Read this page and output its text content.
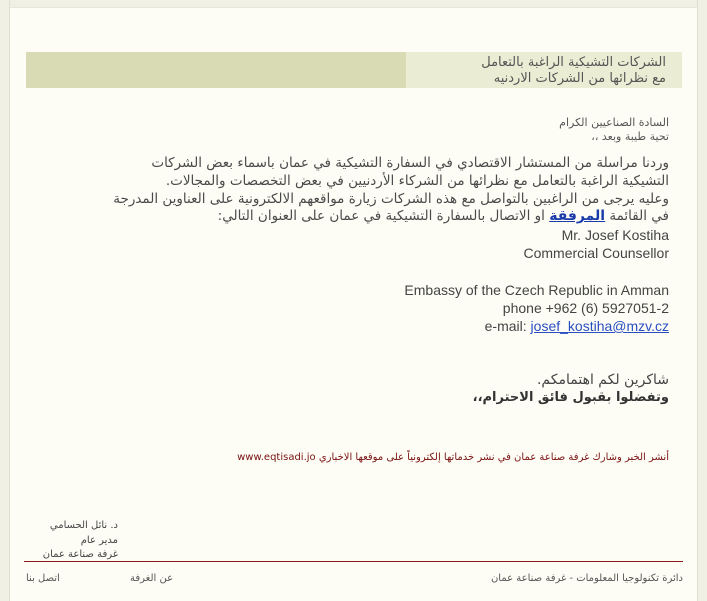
الشركات التشيكية الراغبة بالتعامل
مع نظرائها من الشركات الاردنيه
السادة الصناعيين الكرام
تحية طيبة وبعد ،،
وردنا مراسلة من المستشار الاقتصادي في السفارة التشيكية في عمان باسماء بعض الشركات
التشيكية الراغبة بالتعامل مع نظرائها من الشركاء الأردنيين في بعض التخصصات والمجالات.
وعليه يرجى من الراغبين بالتواصل مع هذه الشركات زيارة مواقعهم الالكترونية على العناوين المدرجة
في القائمة المرفقة او الاتصال بالسفارة التشيكية في عمان على العنوان التالي:
Mr. Josef Kostiha
Commercial Counsellor
Embassy of the Czech Republic in Amman
phone +962 (6) 5927051-2
e-mail: josef_kostiha@mzv.cz
شاكرين لكم اهتمامكم.
وتفضلوا بقبول فائق الاحترام،،
أنشر الخبر وشارك غرفة صناعة عمان في نشر خدماتها إلكترونياً على موقعها الاخباري www.eqtisadi.jo
د. نائل الحسامي
مدير عام
غرفة صناعة عمان
دائرة تكنولوجيا المعلومات - غرفة صناعة عمان
عن الغرفة
اتصل بنا
